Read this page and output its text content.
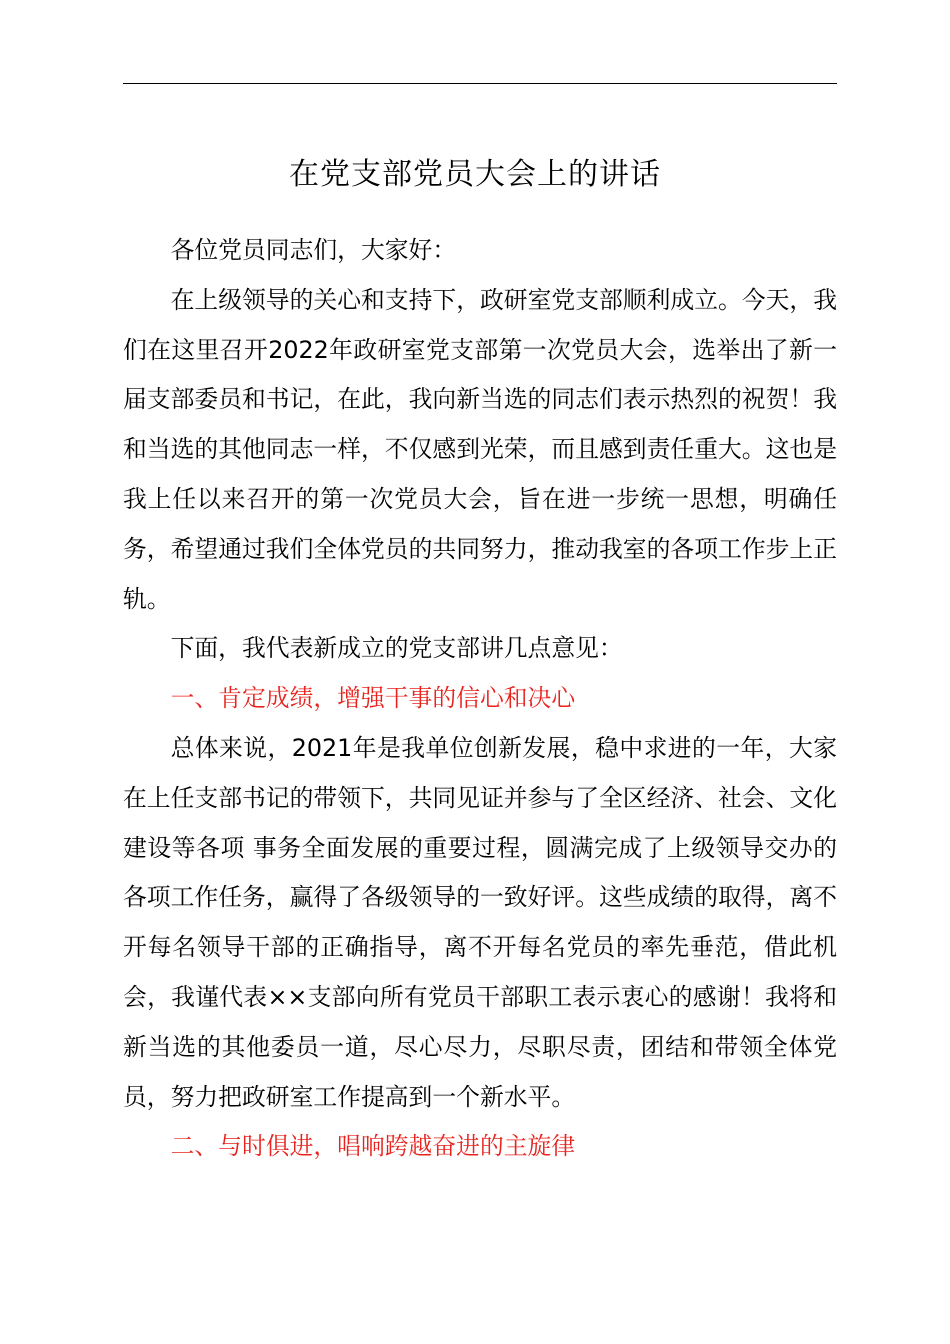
在党支部党员大会上的讲话

各位党员同志们，大家好：

在上级领导的关心和支持下，政研室党支部顺利成立。今天，我们在这里召开2022年政研室党支部第一次党员大会，选举出了新一届支部委员和书记，在此，我向新当选的同志们表示热烈的祝贺！我和当选的其他同志一样，不仅感到光荣，而且感到责任重大。这也是我上任以来召开的第一次党员大会，旨在进一步统一思想，明确任务，希望通过我们全体党员的共同努力，推动我室的各项工作步上正轨。

下面，我代表新成立的党支部讲几点意见：

一、肯定成绩，增强干事的信心和决心

总体来说，2021年是我单位创新发展，稳中求进的一年，大家在上任支部书记的带领下，共同见证并参与了全区经济、社会、文化建设等各项 事务全面发展的重要过程，圆满完成了上级领导交办的各项工作任务，赢得了各级领导的一致好评。这些成绩的取得，离不开每名领导干部的正确指导，离不开每名党员的率先垂范，借此机会，我谨代表××支部向所有党员干部职工表示衷心的感谢！我将和新当选的其他委员一道，尽心尽力，尽职尽责，团结和带领全体党员，努力把政研室工作提高到一个新水平。

二、与时俱进，唱响跨越奋进的主旋律
